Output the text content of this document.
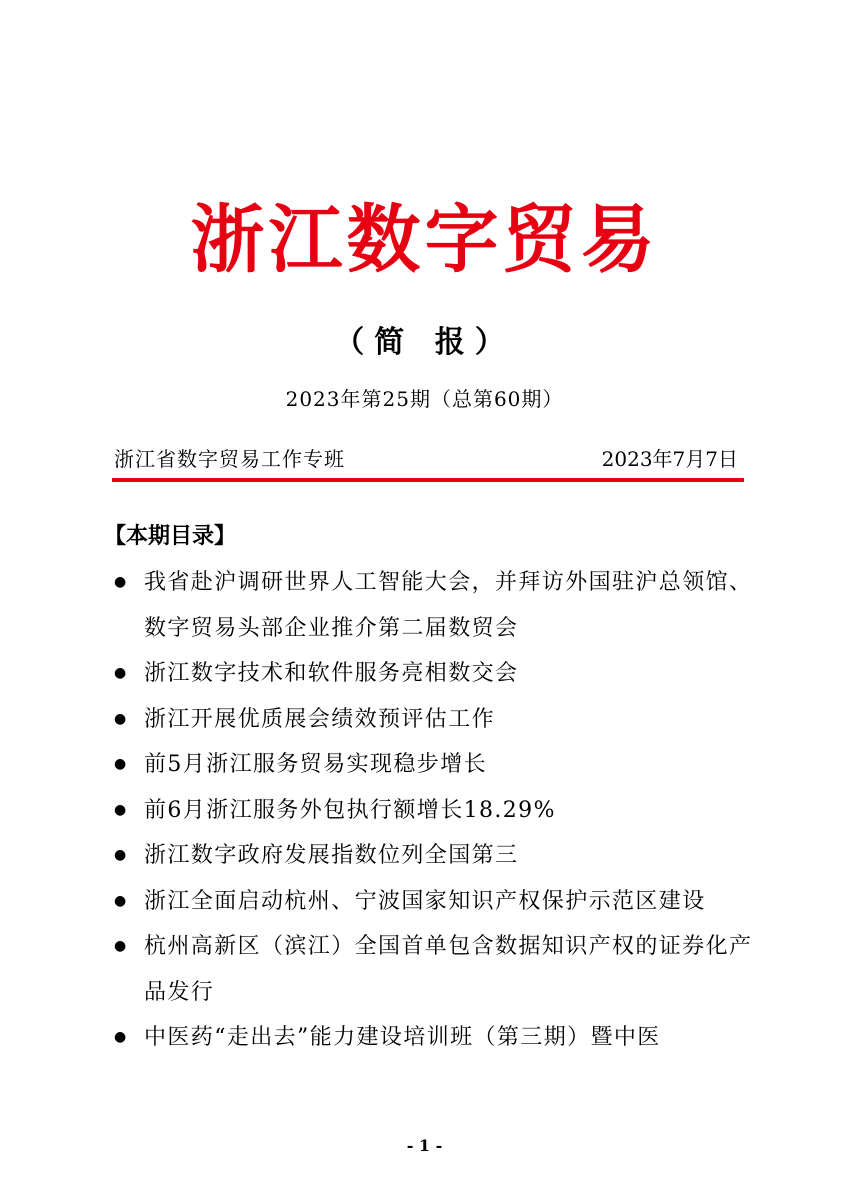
浙江数字贸易
（简 报）
2023年第25期（总第60期）
浙江省数字贸易工作专班	2023年7月7日
【本期目录】
● 我省赴沪调研世界人工智能大会，并拜访外国驻沪总领馆、数字贸易头部企业推介第二届数贸会
● 浙江数字技术和软件服务亮相数交会
● 浙江开展优质展会绩效预评估工作
● 前5月浙江服务贸易实现稳步增长
● 前6月浙江服务外包执行额增长18.29%
● 浙江数字政府发展指数位列全国第三
● 浙江全面启动杭州、宁波国家知识产权保护示范区建设
● 杭州高新区（滨江）全国首单包含数据知识产权的证券化产品发行
● 中医药“走出去”能力建设培训班（第三期）暨中医
- 1 -
